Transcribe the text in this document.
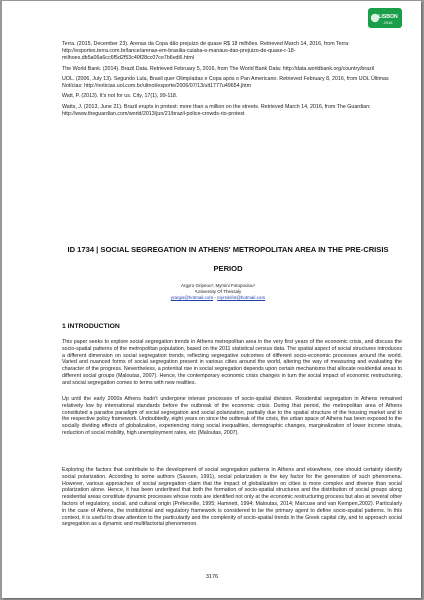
LISBON
2016

Terra. (2015, December 23). Arenas da Copa dão prejuízo de quase R$ 18 milhões. Retrieved March 14, 2016, from Terra: http://esportes.terra.com.br/lance/arenas-em-brasilia-cuiaba-e-manaus-dao-prejuizo-de-quase-r-18-milhoes,db5a06a6cc6f5d2f53c40f28cc07ce7b6vdi6.html

The World Bank. (2014). Brazil Data. Retrieved February 5, 2016, from The World Bank Data: http://data.worldbank.org/country/brazil

UOL. (2006, July 13). Segundo Lula, Brasil quer Olimpíadas e Copa após o Pan Americano. Retrieved February 8, 2016, from UOL Últimas Notícias: http://noticias.uol.com.br/ultnot/esporte/2006/07/13/ult1777u49654.jhtm

Watt, P. (2013). It's not for us. City, 17(1), 99-118.

Watts, J. (2013, June 21). Brazil erupts in protest: more than a million on the streets. Retrieved March 14, 2016, from The Guardian: http://www.theguardian.com/world/2013/jun/21/brazil-police-crowds-rio-protest

ID 1734 | SOCIAL SEGREGATION IN ATHENS' METROPOLITAN AREA IN THE PRE-CRISIS PERIOD
Argyro Gripeou¹; Myrsini Fotopoulou¹
¹University Of Thessaly
yrargis@hotmail.com - myrsinifot@hotmail.com
1 INTRODUCTION

This paper seeks to explore social segregation trends in Athens metropolitan area in the very first years of the economic crisis, and discuss the socio-spatial patterns of the metropolitan population, based on the 2011 statistical census data. The spatial aspect of social structures introduces a different dimension on social segregation trends, reflecting segregative outcomes of different socio-economic processes around the world. Varied and nuanced forms of social segregation present in various cities around the world, altering the way of measuring and evaluating the character of the progress. Nevertheless, a potential rise in social segregation depends upon certain mechanisms that allocate residential areas to different social groups (Maloutas, 2007). Hence, the contemporary economic crisis changes in turn the social impact of economic restructuring, and social segregation comes to terms with new realities.

Up until the early 2000s Athens hadn't undergone intense processes of socio-spatial division. Residential segregation in Athens remained relatively low by international standards before the outbreak of the economic crisis. During that period, the metropolitan area of Athens constituted a paradox paradigm of social segregation and social polarization, partially due to the spatial structure of the housing market and to the respective policy framework. Undoubtedly, eight years on since the outbreak of the crisis, the urban space of Athens has been exposed to the socially dividing effects of globalization, experiencing rising social inequalities, demographic changes, marginalization of lower income strata, reduction of social mobility, high unemployment rates, etc (Maloutas, 2007).

Exploring the factors that contribute to the development of social segregation patterns in Athens and elsewhere, one should certainly identify social polarization. According to some authors (Sassen, 1991), social polarization is the key factor for the generation of such phenomena. However, various approaches of social segregation claim that the impact of globalization on cities is more complex and diverse than social polarization alone. Hence, it has been underlined that both the formation of socio-spatial structures and the distribution of social groups along residential areas constitute dynamic processes whose roots are identified not only at the economic restructuring process but also at several other factors of regulatory, social, and cultural origin (Préteceille, 1995; Hamnett, 1994; Maloutas, 2014; Marcuse and van Kempen,2002). Particularly in the case of Athens, the institutional and regulatory framework is considered to be the primary agent to define socio-spatial patterns. In this context, it is useful to draw attention to the particularity and the complexity of socio-spatial trends in the Greek capital city, and to approach social segregation as a dynamic and multifactorial phenomenon.

3176
